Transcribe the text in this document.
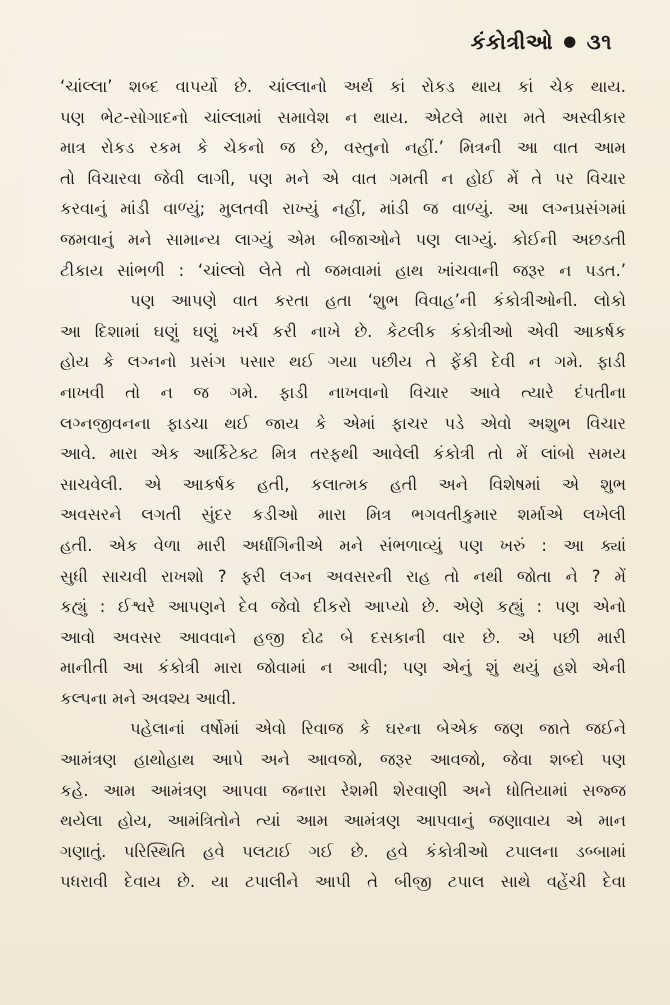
કંકોત્રીઓ ● ૩૧
‘ચાંલ્લા’ શબ્દ વાપર્યો છે. ચાંલ્લાનો અર્થ કાં રોકડ થાય કાં ચેક થાય.
પણ ભેટ-સોગાદનો ચાંલ્લામાં સમાવેશ ન થાય. એટલે મારા મતે અસ્વીકાર
માત્ર રોકડ રકમ કે ચેકનો જ છે, વસ્તુનો નહીં.’ મિત્રની આ વાત આમ
તો વિચારવા જેવી લાગી, પણ મને એ વાત ગમતી ન હોઈ મેં તે પર વિચાર
કરવાનું માંડી વાળ્યું; મુલતવી રાખ્યું નહીં, માંડી જ વાળ્યું. આ લગ્નપ્રસંગમાં
જમવાનું મને સામાન્ય લાગ્યું એમ બીજાઓને પણ લાગ્યું. કોઈની અછડતી
ટીકાય સાંભળી : ‘ચાંલ્લો લેતે તો જમવામાં હાથ ખાંચવાની જરૂર ન પડત.’
પણ આપણે વાત કરતા હતા ‘શુભ વિવાહ’ની કંકોત્રીઓની. લોકો
આ દિશામાં ઘણું ઘણું ખર્ચ કરી નાખે છે. કેટલીક કંકોત્રીઓ એવી આકર્ષક
હોય કે લગ્નનો પ્રસંગ પસાર થઈ ગયા પછીય તે ફેંકી દેવી ન ગમે. ફાડી
નાખવી તો ન જ ગમે. ફાડી નાખવાનો વિચાર આવે ત્યારે દંપતીના
લગ્નજીવનના ફાડચા થઈ જાય કે એમાં ફાચર પડે એવો અશુભ વિચાર
આવે. મારા એક આર્કિટેક્ટ મિત્ર તરફથી આવેલી કંકોત્રી તો મેં લાંબો સમય
સાચવેલી. એ આકર્ષક હતી, કલાત્મક હતી અને વિશેષમાં એ શુભ
અવસરને લગતી સુંદર કડીઓ મારા મિત્ર ભગવતીકુમાર શર્માએ લખેલી
હતી. એક વેળા મારી અર્ધાંગિનીએ મને સંભળાવ્યું પણ ખરું : આ ક્યાં
સુધી સાચવી રાખશો ? ફરી લગ્ન અવસરની રાહ તો નથી જોતા ને ? મેં
કહ્યું : ઈશ્વરે આપણને દેવ જેવો દીકરો આપ્યો છે. એણે કહ્યું : પણ એનો
આવો અવસર આવવાને હજી દોઢ બે દસકાની વાર છે. એ પછી મારી
માનીતી આ કંકોત્રી મારા જોવામાં ન આવી; પણ એનું શું થયું હશે એની
કલ્પના મને અવશ્ય આવી.
પહેલાનાં વર્ષોમાં એવો રિવાજ કે ઘરના બેએક જણ જાતે જઈને
આમંત્રણ હાથોહાથ આપે અને આવજો, જરૂર આવજો, જેવા શબ્દો પણ
કહે. આમ આમંત્રણ આપવા જનારા રેશમી શેરવાણી અને ધોતિયામાં સજ્જ
થયેલા હોય, આમંત્રિતોને ત્યાં આમ આમંત્રણ આપવાનું જણાવાય એ માન
ગણાતું. પરિસ્થિતિ હવે પલટાઈ ગઈ છે. હવે કંકોત્રીઓ ટપાલના ડબ્બામાં
પધરાવી દેવાય છે. યા ટપાલીને આપી તે બીજી ટપાલ સાથે વહેંચી દેવા
